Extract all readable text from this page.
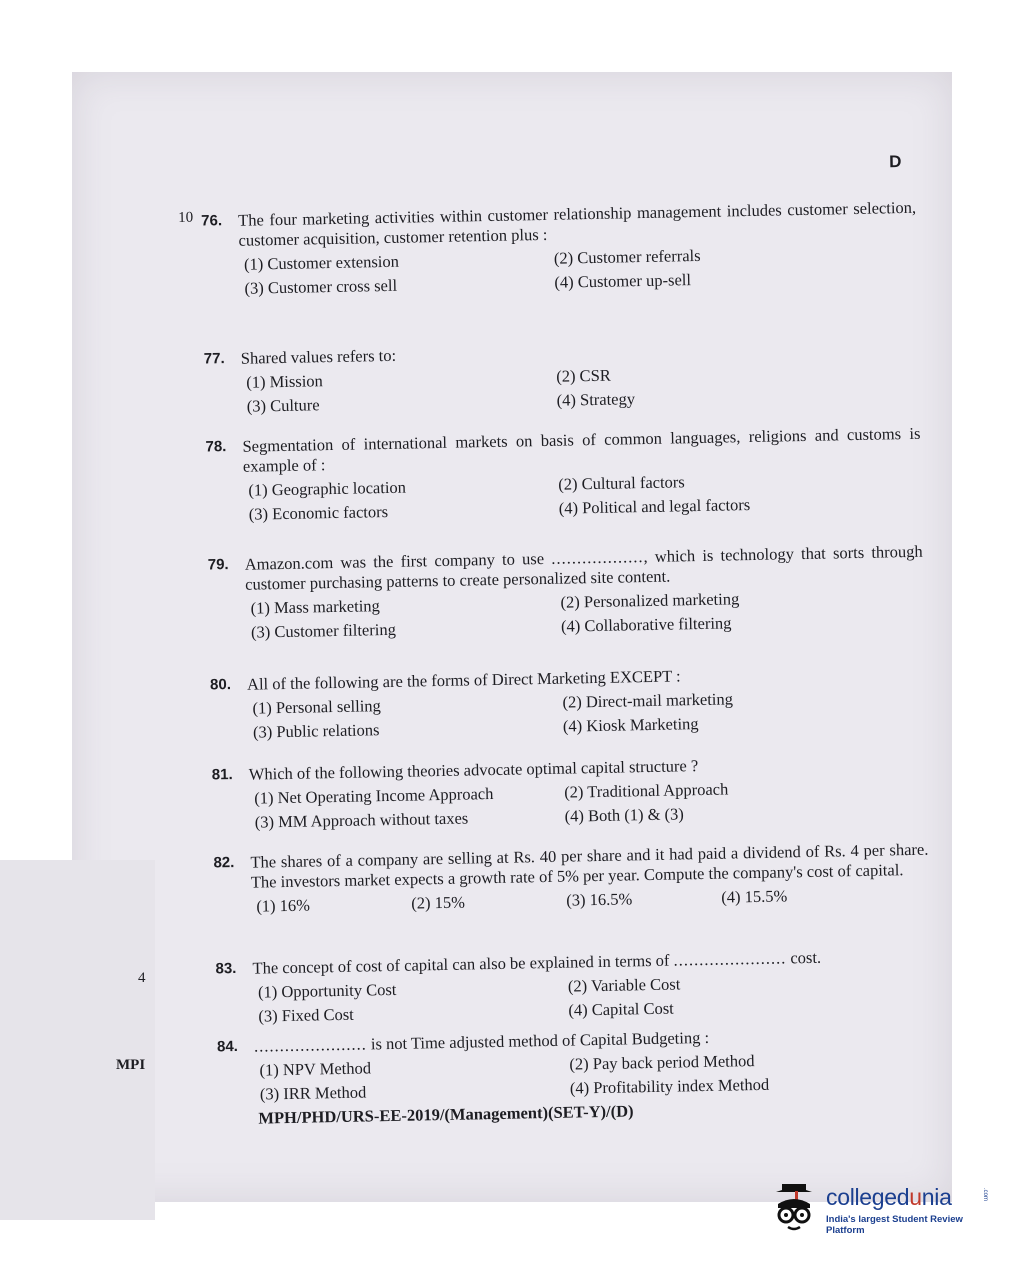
4
MPI
D
10 76. The four marketing activities within customer relationship management includes customer selection, customer acquisition, customer retention plus :
(1) Customer extension	(2) Customer referrals
(3) Customer cross sell	(4) Customer up-sell
77. Shared values refers to:
(1) Mission	(2) CSR
(3) Culture	(4) Strategy
78. Segmentation of international markets on basis of common languages, religions and customs is example of :
(1) Geographic location	(2) Cultural factors
(3) Economic factors	(4) Political and legal factors
79. Amazon.com was the first company to use .................., which is technology that sorts through customer purchasing patterns to create personalized site content.
(1) Mass marketing	(2) Personalized marketing
(3) Customer filtering	(4) Collaborative filtering
80. All of the following are the forms of Direct Marketing EXCEPT :
(1) Personal selling	(2) Direct-mail marketing
(3) Public relations	(4) Kiosk Marketing
81. Which of the following theories advocate optimal capital structure ?
(1) Net Operating Income Approach	(2) Traditional Approach
(3) MM Approach without taxes	(4) Both (1) & (3)
82. The shares of a company are selling at Rs. 40 per share and it had paid a dividend of Rs. 4 per share. The investors market expects a growth rate of 5% per year. Compute the company's cost of capital.
(1) 16%	(2) 15%	(3) 16.5%	(4) 15.5%
83. The concept of cost of capital can also be explained in terms of ...................... cost.
(1) Opportunity Cost	(2) Variable Cost
(3) Fixed Cost	(4) Capital Cost
84. ...................... is not Time adjusted method of Capital Budgeting :
(1) NPV Method	(2) Pay back period Method
(3) IRR Method	(4) Profitability index Method
MPH/PHD/URS-EE-2019/(Management)(SET-Y)/(D)
collegedunia	.com
India's largest Student Review Platform
